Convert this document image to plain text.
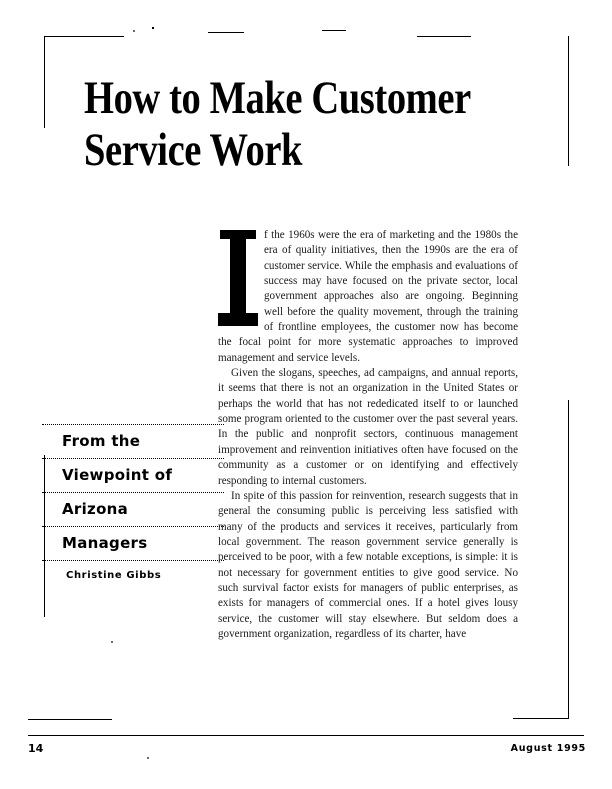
How to Make Customer
Service Work
From the
Viewpoint of
Arizona
Managers
Christine Gibbs

f the 1960s were the era of marketing and the 1980s the era of quality initiatives, then the 1990s are the era of customer service. While the emphasis and evaluations of success may have focused on the private sector, local government approaches also are ongoing. Beginning well before the quality movement, through the training of frontline employees, the customer now has become the focal point for more systematic approaches to improved management and service levels.

Given the slogans, speeches, ad campaigns, and annual reports, it seems that there is not an organization in the United States or perhaps the world that has not rededicated itself to or launched some program oriented to the customer over the past several years. In the public and nonprofit sectors, continuous management improvement and reinvention initiatives often have focused on the community as a customer or on identifying and effectively responding to internal customers.

In spite of this passion for reinvention, research suggests that in general the consuming public is perceiving less satisfied with many of the products and services it receives, particularly from local government. The reason government service generally is perceived to be poor, with a few notable exceptions, is simple: it is not necessary for government entities to give good service. No such survival factor exists for managers of public enterprises, as exists for managers of commercial ones. If a hotel gives lousy service, the customer will stay elsewhere. But seldom does a government organization, regardless of its charter, have

14	August 1995
